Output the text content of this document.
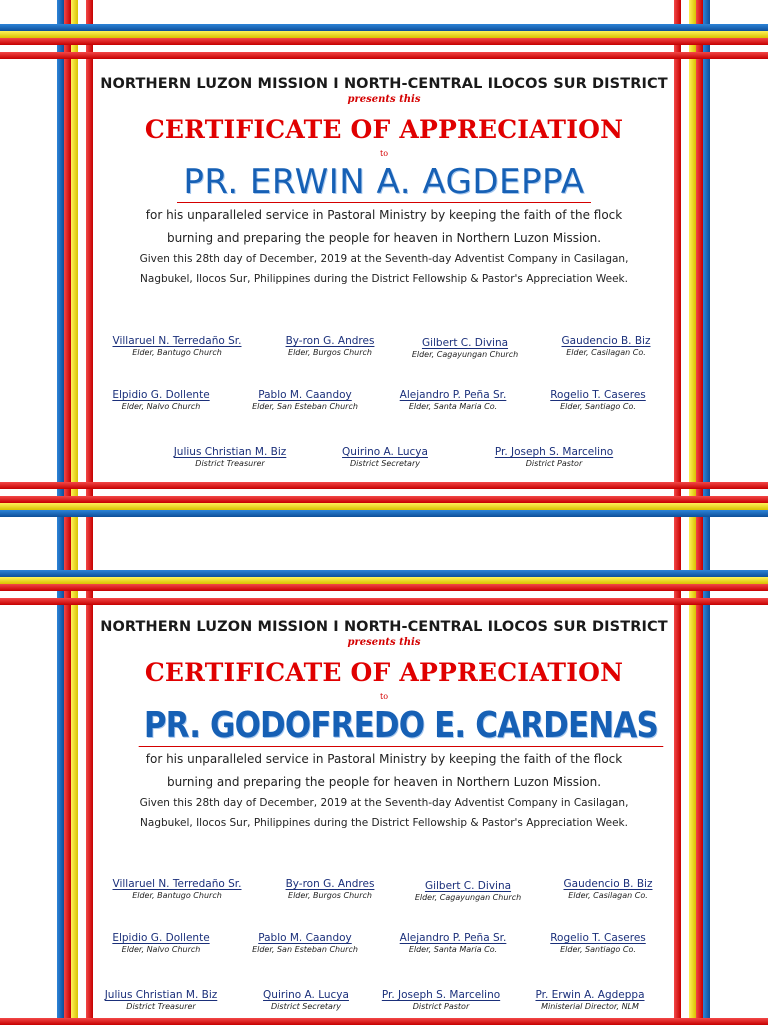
NORTHERN LUZON MISSION I NORTH-CENTRAL ILOCOS SUR DISTRICT
presents this
CERTIFICATE OF APPRECIATION
to
PR. ERWIN A. AGDEPPA
for his unparalleled service in Pastoral Ministry by keeping the faith of the flock
burning and preparing the people for heaven in Northern Luzon Mission.
Given this 28th day of December, 2019 at the Seventh-day Adventist Company in Casilagan,
Nagbukel, Ilocos Sur, Philippines during the District Fellowship & Pastor's Appreciation Week.
Villaruel N. Terredaño Sr.
Elder, Bantugo Church
By-ron G. Andres
Elder, Burgos Church
Gilbert C. Divina
Elder, Cagayungan Church
Gaudencio B. Biz
Elder, Casilagan Co.
Elpidio G. Dollente
Elder, Nalvo Church
Pablo M. Caandoy
Elder, San Esteban Church
Alejandro P. Peña Sr.
Elder, Santa Maria Co.
Rogelio T. Caseres
Elder, Santiago Co.
Julius Christian M. Biz
District Treasurer
Quirino A. Lucya
District Secretary
Pr. Joseph S. Marcelino
District Pastor
NORTHERN LUZON MISSION I NORTH-CENTRAL ILOCOS SUR DISTRICT
presents this
CERTIFICATE OF APPRECIATION
to
PR. GODOFREDO E. CARDENAS
for his unparalleled service in Pastoral Ministry by keeping the faith of the flock
burning and preparing the people for heaven in Northern Luzon Mission.
Given this 28th day of December, 2019 at the Seventh-day Adventist Company in Casilagan,
Nagbukel, Ilocos Sur, Philippines during the District Fellowship & Pastor's Appreciation Week.
Villaruel N. Terredaño Sr.
Elder, Bantugo Church
By-ron G. Andres
Elder, Burgos Church
Gilbert C. Divina
Elder, Cagayungan Church
Gaudencio B. Biz
Elder, Casilagan Co.
Elpidio G. Dollente
Elder, Nalvo Church
Pablo M. Caandoy
Elder, San Esteban Church
Alejandro P. Peña Sr.
Elder, Santa Maria Co.
Rogelio T. Caseres
Elder, Santiago Co.
Julius Christian M. Biz
District Treasurer
Quirino A. Lucya
District Secretary
Pr. Joseph S. Marcelino
District Pastor
Pr. Erwin A. Agdeppa
Ministerial Director, NLM
